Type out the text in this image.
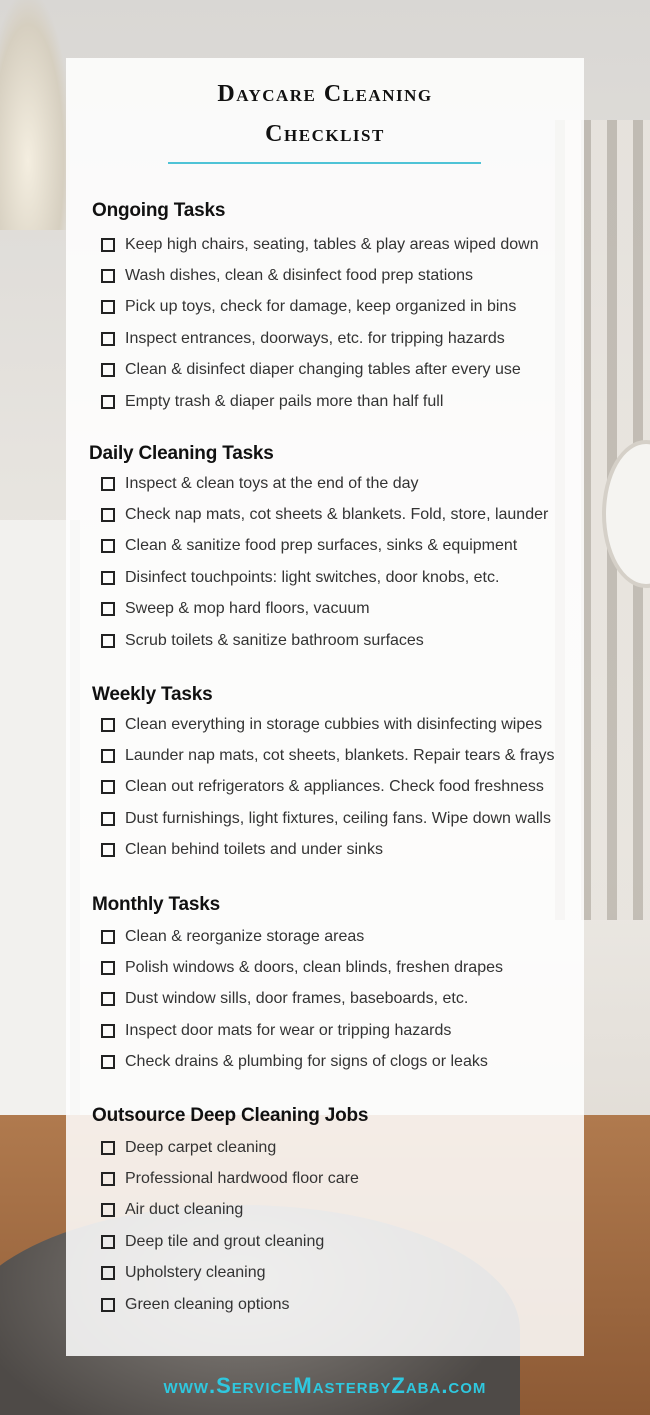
Daycare Cleaning
Checklist
Ongoing Tasks
Keep high chairs, seating, tables & play areas wiped down
Wash dishes, clean & disinfect food prep stations
Pick up toys, check for damage, keep organized in bins
Inspect entrances, doorways, etc. for tripping hazards
Clean & disinfect diaper changing tables after every use
Empty trash & diaper pails more than half full
Daily Cleaning Tasks
Inspect & clean toys at the end of the day
Check nap mats, cot sheets & blankets. Fold, store, launder
Clean & sanitize food prep surfaces, sinks & equipment
Disinfect touchpoints: light switches, door knobs, etc.
Sweep & mop hard floors, vacuum
Scrub toilets & sanitize bathroom surfaces
Weekly Tasks
Clean everything in storage cubbies with disinfecting wipes
Launder nap mats, cot sheets, blankets. Repair tears & frays
Clean out refrigerators & appliances. Check food freshness
Dust furnishings, light fixtures, ceiling fans. Wipe down walls
Clean behind toilets and under sinks
Monthly Tasks
Clean & reorganize storage areas
Polish windows & doors, clean blinds, freshen drapes
Dust window sills, door frames, baseboards, etc.
Inspect door mats for wear or tripping hazards
Check drains & plumbing for signs of clogs or leaks
Outsource Deep Cleaning Jobs
Deep carpet cleaning
Professional hardwood floor care
Air duct cleaning
Deep tile and grout cleaning
Upholstery cleaning
Green cleaning options
www.ServiceMasterbyZaba.com
